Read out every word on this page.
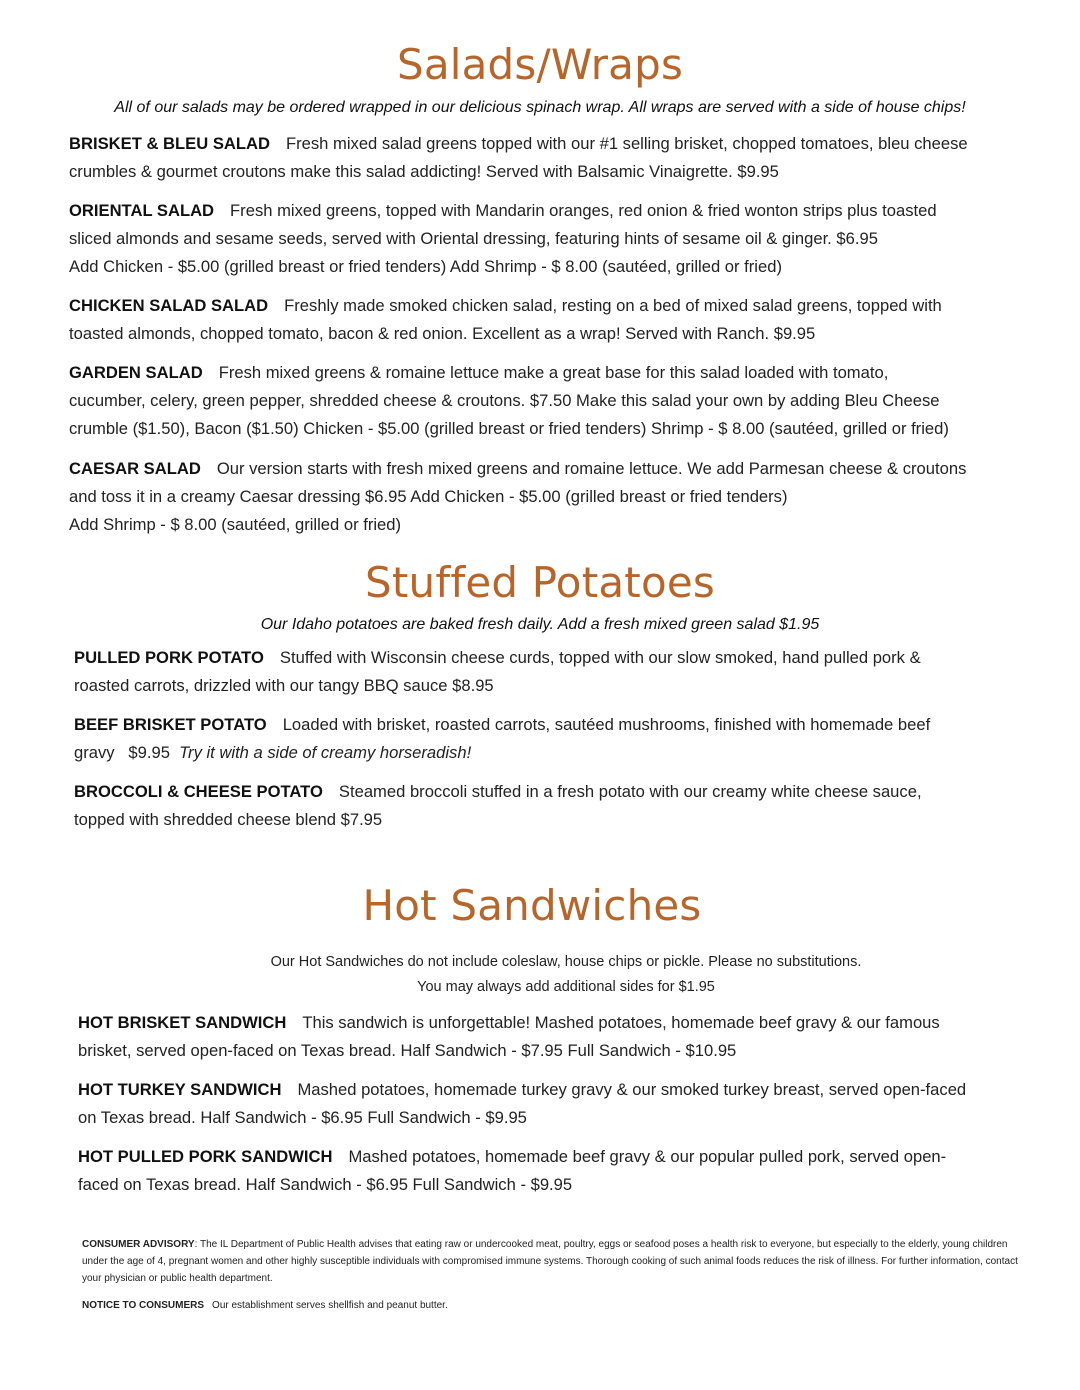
Salads/Wraps
All of our salads may be ordered wrapped in our delicious spinach wrap. All wraps are served with a side of house chips!
BRISKET & BLEU SALAD Fresh mixed salad greens topped with our #1 selling brisket, chopped tomatoes, bleu cheese
crumbles & gourmet croutons make this salad addicting! Served with Balsamic Vinaigrette. $9.95
ORIENTAL SALAD Fresh mixed greens, topped with Mandarin oranges, red onion & fried wonton strips plus toasted
sliced almonds and sesame seeds, served with Oriental dressing, featuring hints of sesame oil & ginger. $6.95
Add Chicken - $5.00 (grilled breast or fried tenders) Add Shrimp - $ 8.00 (sautéed, grilled or fried)
CHICKEN SALAD SALAD Freshly made smoked chicken salad, resting on a bed of mixed salad greens, topped with
toasted almonds, chopped tomato, bacon & red onion. Excellent as a wrap! Served with Ranch. $9.95
GARDEN SALAD Fresh mixed greens & romaine lettuce make a great base for this salad loaded with tomato,
cucumber, celery, green pepper, shredded cheese & croutons. $7.50 Make this salad your own by adding Bleu Cheese
crumble ($1.50), Bacon ($1.50) Chicken - $5.00 (grilled breast or fried tenders) Shrimp - $ 8.00 (sautéed, grilled or fried)
CAESAR SALAD Our version starts with fresh mixed greens and romaine lettuce. We add Parmesan cheese & croutons
and toss it in a creamy Caesar dressing $6.95 Add Chicken - $5.00 (grilled breast or fried tenders)
Add Shrimp - $ 8.00 (sautéed, grilled or fried)
Stuffed Potatoes
Our Idaho potatoes are baked fresh daily. Add a fresh mixed green salad $1.95
PULLED PORK POTATO Stuffed with Wisconsin cheese curds, topped with our slow smoked, hand pulled pork &
roasted carrots, drizzled with our tangy BBQ sauce $8.95
BEEF BRISKET POTATO Loaded with brisket, roasted carrots, sautéed mushrooms, finished with homemade beef
gravy   $9.95  Try it with a side of creamy horseradish!
BROCCOLI & CHEESE POTATO Steamed broccoli stuffed in a fresh potato with our creamy white cheese sauce,
topped with shredded cheese blend $7.95
Hot Sandwiches
Our Hot Sandwiches do not include coleslaw, house chips or pickle. Please no substitutions.
You may always add additional sides for $1.95
HOT BRISKET SANDWICH This sandwich is unforgettable! Mashed potatoes, homemade beef gravy & our famous
brisket, served open-faced on Texas bread. Half Sandwich - $7.95 Full Sandwich - $10.95
HOT TURKEY SANDWICH Mashed potatoes, homemade turkey gravy & our smoked turkey breast, served open-faced
on Texas bread. Half Sandwich - $6.95 Full Sandwich - $9.95
HOT PULLED PORK SANDWICH Mashed potatoes, homemade beef gravy & our popular pulled pork, served open-
faced on Texas bread. Half Sandwich - $6.95 Full Sandwich - $9.95
CONSUMER ADVISORY: The IL Department of Public Health advises that eating raw or undercooked meat, poultry, eggs or seafood poses a health risk to everyone, but especially to the elderly, young children under the age of 4, pregnant women and other highly susceptible individuals with compromised immune systems. Thorough cooking of such animal foods reduces the risk of illness. For further information, contact your physician or public health department.
NOTICE TO CONSUMERS Our establishment serves shellfish and peanut butter.
